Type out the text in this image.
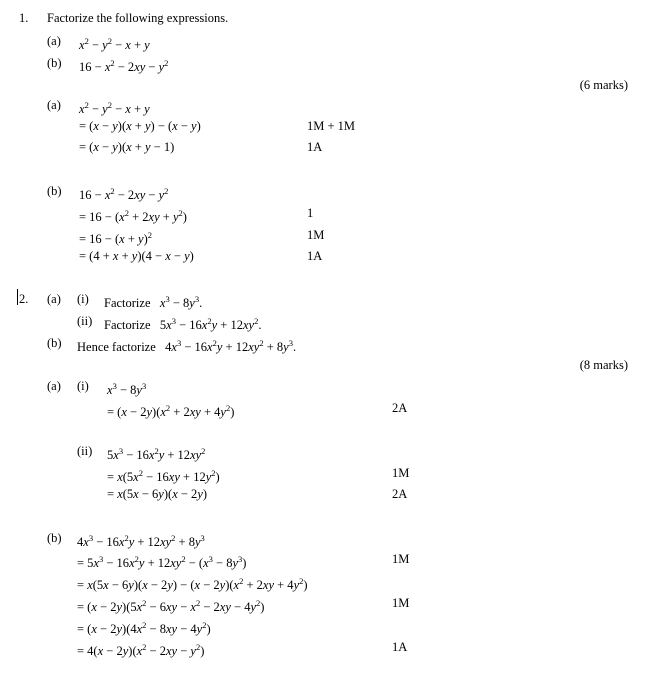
1. Factorize the following expressions.
(a) $x^2 - y^2 - x + y$
(b) $16 - x^2 - 2xy - y^2$
(6 marks)
(a) $x^2 - y^2 - x + y$
= (x − y)(x + y) − (x − y)	1M + 1M
= (x − y)(x + y − 1)	1A
(b) $16 - x^2 - 2xy - y^2$
= $16 - (x^2 + 2xy + y^2)$	1
= $16 - (x + y)^2$	1M
= (4 + x + y)(4 − x − y)	1A
2. (a) (i) Factorize   $x^3 - 8y^3$.
(ii) Factorize   $5x^3 - 16x^2y + 12xy^2$.
(b) Hence factorize   $4x^3 - 16x^2y + 12xy^2 + 8y^3$.
(8 marks)
(a) (i) $x^3 - 8y^3$
= $(x - 2y)(x^2 + 2xy + 4y^2)$	2A
(ii) $5x^3 - 16x^2y + 12xy^2$
= $x(5x^2 - 16xy + 12y^2)$	1M
= x(5x − 6y)(x − 2y)	2A
(b) $4x^3 - 16x^2y + 12xy^2 + 8y^3$
= $5x^3 - 16x^2y + 12xy^2 - (x^3 - 8y^3)$	1M
= $x(5x - 6y)(x - 2y) - (x - 2y)(x^2 + 2xy + 4y^2)$
= $(x - 2y)(5x^2 - 6xy - x^2 - 2xy - 4y^2)$	1M
= $(x - 2y)(4x^2 - 8xy - 4y^2)$
= $4(x - 2y)(x^2 - 2xy - y^2)$	1A
